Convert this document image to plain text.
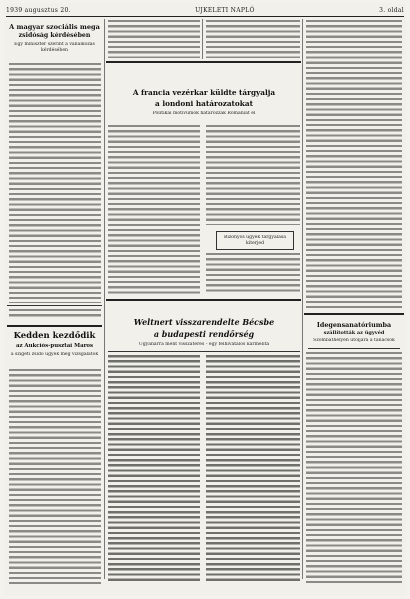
1939 augusztus 20.	UJKELETI NAPLÓ	3. oldal
A magyar szociális mega
zsidóság kérdésében
Egy miniszter szerint a vállalkozás kérdésében
Kedden kezdődik
az Aukciós-pusztai Maros
a szigeti zsidó ügyek meg vizsgálatok
A francia vezérkar küldte tárgyalja
a londoni határozatokat
Politikai motívumok határozzák Romániát el
Bizonyos ügyek tárgyalása kiterjed
Weltnert visszarendelte Bécsbe
a budapesti rendőrség
Ugyanarra ment visszatérés - egy félhivatalos karmelita
Idegensanatóriumba
szállították az ügyvéd
Szombathelyen utoljára a tanácsok
